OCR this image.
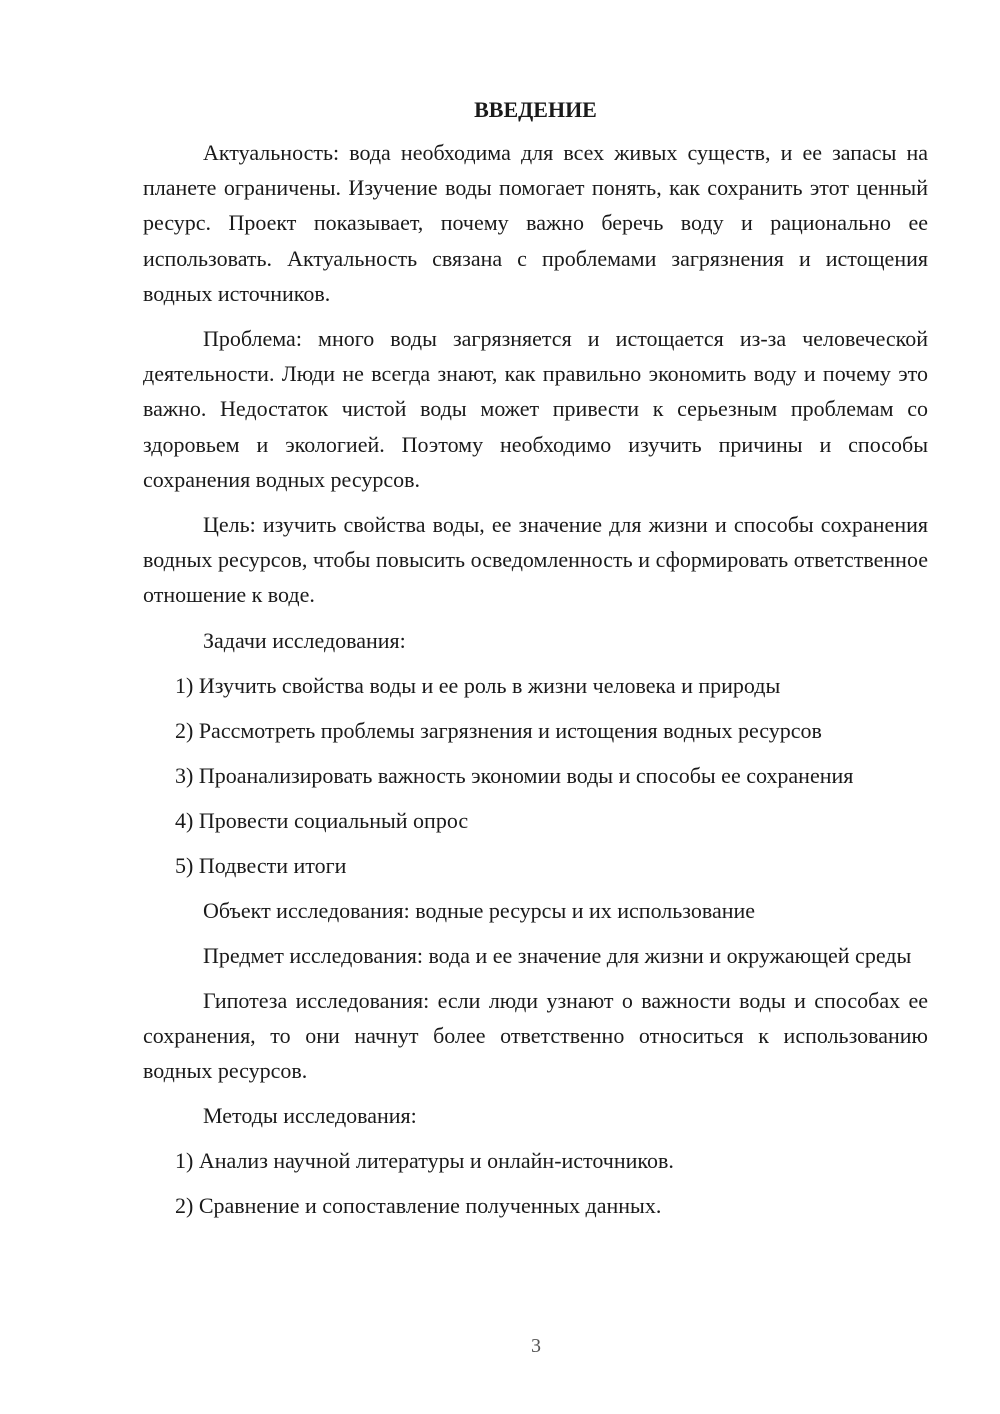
ВВЕДЕНИЕ

Актуальность: вода необходима для всех живых существ, и ее запасы на планете ограничены. Изучение воды помогает понять, как сохранить этот ценный ресурс. Проект показывает, почему важно беречь воду и рационально ее использовать. Актуальность связана с проблемами загрязнения и истощения водных источников.

Проблема: много воды загрязняется и истощается из-за человеческой деятельности. Люди не всегда знают, как правильно экономить воду и почему это важно. Недостаток чистой воды может привести к серьезным проблемам со здоровьем и экологией. Поэтому необходимо изучить причины и способы сохранения водных ресурсов.

Цель: изучить свойства воды, ее значение для жизни и способы сохранения водных ресурсов, чтобы повысить осведомленность и сформировать ответственное отношение к воде.

Задачи исследования:

1) Изучить свойства воды и ее роль в жизни человека и природы

2) Рассмотреть проблемы загрязнения и истощения водных ресурсов

3) Проанализировать важность экономии воды и способы ее сохранения

4) Провести социальный опрос

5) Подвести итоги

Объект исследования: водные ресурсы и их использование

Предмет исследования: вода и ее значение для жизни и окружающей среды

Гипотеза исследования: если люди узнают о важности воды и способах ее сохранения, то они начнут более ответственно относиться к использованию водных ресурсов.

Методы исследования:

1) Анализ научной литературы и онлайн-источников.

2) Сравнение и сопоставление полученных данных.

3
